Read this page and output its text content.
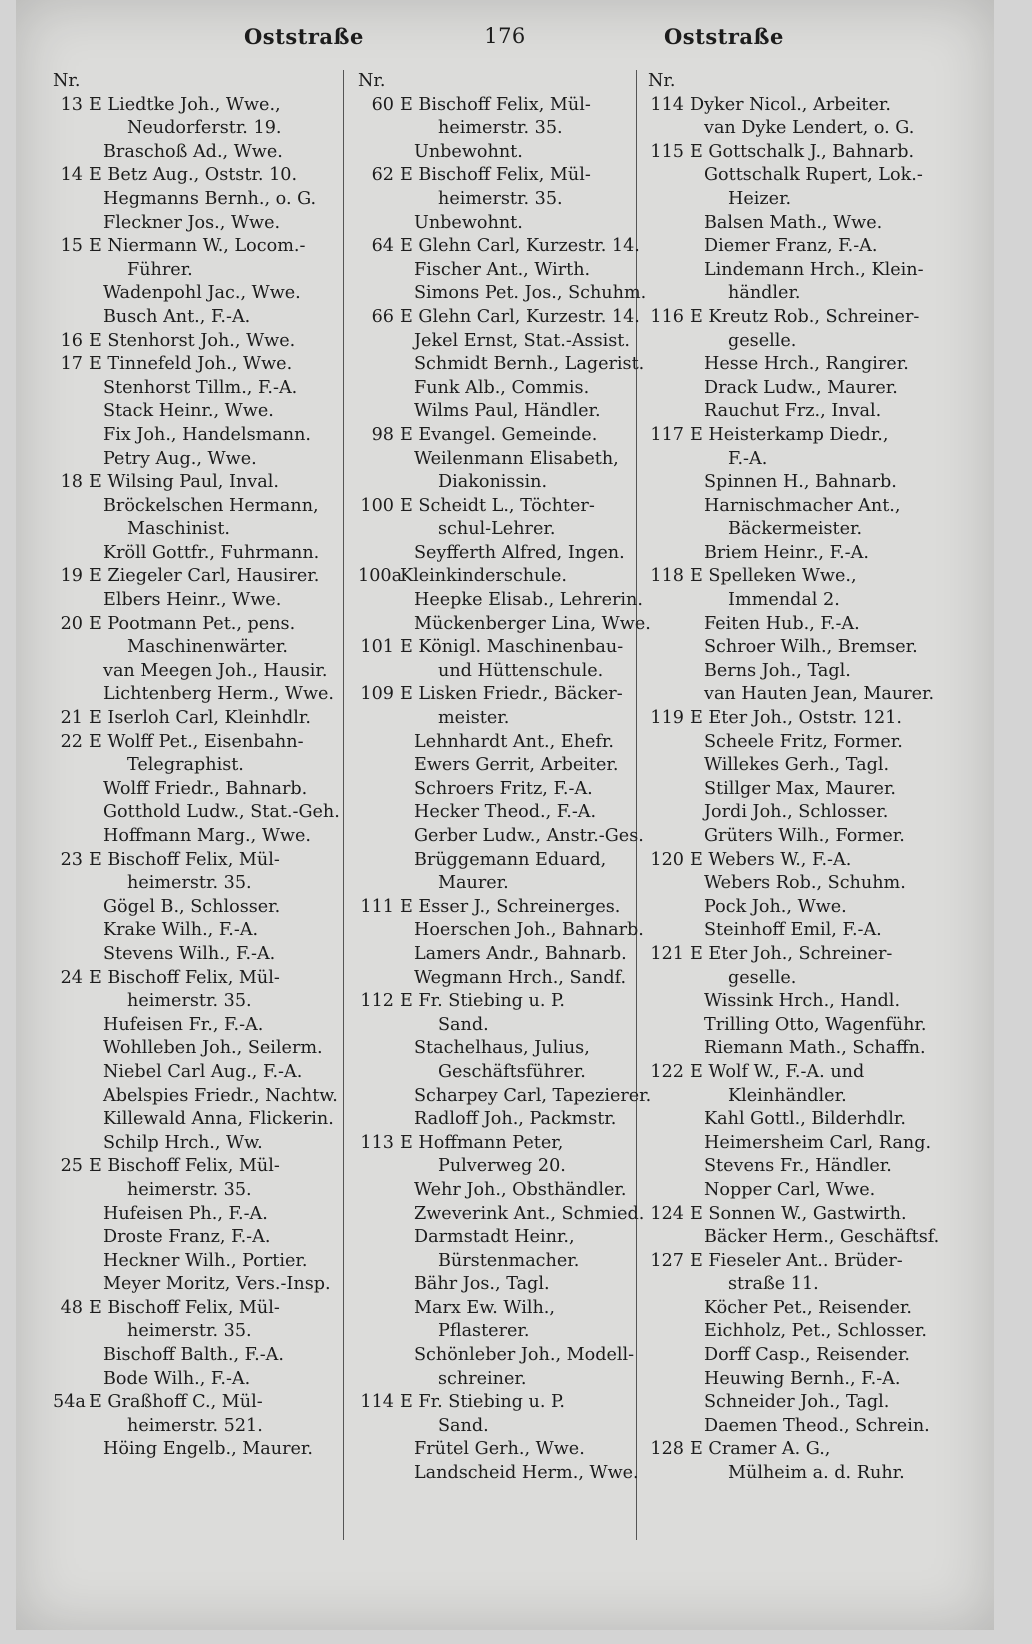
Oststraße	176	Oststraße
Nr.
13 E Liedtke Joh., Wwe.,
Neudorferstr. 19.
Braschoß Ad., Wwe.
14 E Betz Aug., Oststr. 10.
Hegmanns Bernh., o. G.
Fleckner Jos., Wwe.
15 E Niermann W., Locom.-
Führer.
Wadenpohl Jac., Wwe.
Busch Ant., F.-A.
16 E Stenhorst Joh., Wwe.
17 E Tinnefeld Joh., Wwe.
Stenhorst Tillm., F.-A.
Stack Heinr., Wwe.
Fix Joh., Handelsmann.
Petry Aug., Wwe.
18 E Wilsing Paul, Inval.
Bröckelschen Hermann,
Maschinist.
Kröll Gottfr., Fuhrmann.
19 E Ziegeler Carl, Hausirer.
Elbers Heinr., Wwe.
20 E Pootmann Pet., pens.
Maschinenwärter.
van Meegen Joh., Hausir.
Lichtenberg Herm., Wwe.
21 E Iserloh Carl, Kleinhdlr.
22 E Wolff Pet., Eisenbahn-
Telegraphist.
Wolff Friedr., Bahnarb.
Gotthold Ludw., Stat.-Geh.
Hoffmann Marg., Wwe.
23 E Bischoff Felix, Mül-
heimerstr. 35.
Gögel B., Schlosser.
Krake Wilh., F.-A.
Stevens Wilh., F.-A.
24 E Bischoff Felix, Mül-
heimerstr. 35.
Hufeisen Fr., F.-A.
Wohlleben Joh., Seilerm.
Niebel Carl Aug., F.-A.
Abelspies Friedr., Nachtw.
Killewald Anna, Flickerin.
Schilp Hrch., Ww.
25 E Bischoff Felix, Mül-
heimerstr. 35.
Hufeisen Ph., F.-A.
Droste Franz, F.-A.
Heckner Wilh., Portier.
Meyer Moritz, Vers.-Insp.
48 E Bischoff Felix, Mül-
heimerstr. 35.
Bischoff Balth., F.-A.
Bode Wilh., F.-A.
54a E Graßhoff C., Mül-
heimerstr. 521.
Höing Engelb., Maurer.
Nr.
60 E Bischoff Felix, Mül-
heimerstr. 35.
Unbewohnt.
62 E Bischoff Felix, Mül-
heimerstr. 35.
Unbewohnt.
64 E Glehn Carl, Kurzestr. 14.
Fischer Ant., Wirth.
Simons Pet. Jos., Schuhm.
66 E Glehn Carl, Kurzestr. 14.
Jekel Ernst, Stat.-Assist.
Schmidt Bernh., Lagerist.
Funk Alb., Commis.
Wilms Paul, Händler.
98 E Evangel. Gemeinde.
Weilenmann Elisabeth,
Diakonissin.
100 E Scheidt L., Töchter-
schul-Lehrer.
Seyfferth Alfred, Ingen.
100aKleinkinderschule.
Heepke Elisab., Lehrerin.
Mückenberger Lina, Wwe.
101 E Königl. Maschinenbau-
und Hüttenschule.
109 E Lisken Friedr., Bäcker-
meister.
Lehnhardt Ant., Ehefr.
Ewers Gerrit, Arbeiter.
Schroers Fritz, F.-A.
Hecker Theod., F.-A.
Gerber Ludw., Anstr.-Ges.
Brüggemann Eduard,
Maurer.
111 E Esser J., Schreinerges.
Hoerschen Joh., Bahnarb.
Lamers Andr., Bahnarb.
Wegmann Hrch., Sandf.
112 E Fr. Stiebing u. P.
Sand.
Stachelhaus, Julius,
Geschäftsführer.
Scharpey Carl, Tapezierer.
Radloff Joh., Packmstr.
113 E Hoffmann Peter,
Pulverweg 20.
Wehr Joh., Obsthändler.
Zweverink Ant., Schmied.
Darmstadt Heinr.,
Bürstenmacher.
Bähr Jos., Tagl.
Marx Ew. Wilh.,
Pflasterer.
Schönleber Joh., Modell-
schreiner.
114 E Fr. Stiebing u. P.
Sand.
Frütel Gerh., Wwe.
Landscheid Herm., Wwe.
Nr.
114 Dyker Nicol., Arbeiter.
van Dyke Lendert, o. G.
115 E Gottschalk J., Bahnarb.
Gottschalk Rupert, Lok.-
Heizer.
Balsen Math., Wwe.
Diemer Franz, F.-A.
Lindemann Hrch., Klein-
händler.
116 E Kreutz Rob., Schreiner-
geselle.
Hesse Hrch., Rangirer.
Drack Ludw., Maurer.
Rauchut Frz., Inval.
117 E Heisterkamp Diedr.,
F.-A.
Spinnen H., Bahnarb.
Harnischmacher Ant.,
Bäckermeister.
Briem Heinr., F.-A.
118 E Spelleken Wwe.,
Immendal 2.
Feiten Hub., F.-A.
Schroer Wilh., Bremser.
Berns Joh., Tagl.
van Hauten Jean, Maurer.
119 E Eter Joh., Oststr. 121.
Scheele Fritz, Former.
Willekes Gerh., Tagl.
Stillger Max, Maurer.
Jordi Joh., Schlosser.
Grüters Wilh., Former.
120 E Webers W., F.-A.
Webers Rob., Schuhm.
Pock Joh., Wwe.
Steinhoff Emil, F.-A.
121 E Eter Joh., Schreiner-
geselle.
Wissink Hrch., Handl.
Trilling Otto, Wagenführ.
Riemann Math., Schaffn.
122 E Wolf W., F.-A. und
Kleinhändler.
Kahl Gottl., Bilderhdlr.
Heimersheim Carl, Rang.
Stevens Fr., Händler.
Nopper Carl, Wwe.
124 E Sonnen W., Gastwirth.
Bäcker Herm., Geschäftsf.
127 E Fieseler Ant.. Brüder-
straße 11.
Köcher Pet., Reisender.
Eichholz, Pet., Schlosser.
Dorff Casp., Reisender.
Heuwing Bernh., F.-A.
Schneider Joh., Tagl.
Daemen Theod., Schrein.
128 E Cramer A. G.,
Mülheim a. d. Ruhr.
